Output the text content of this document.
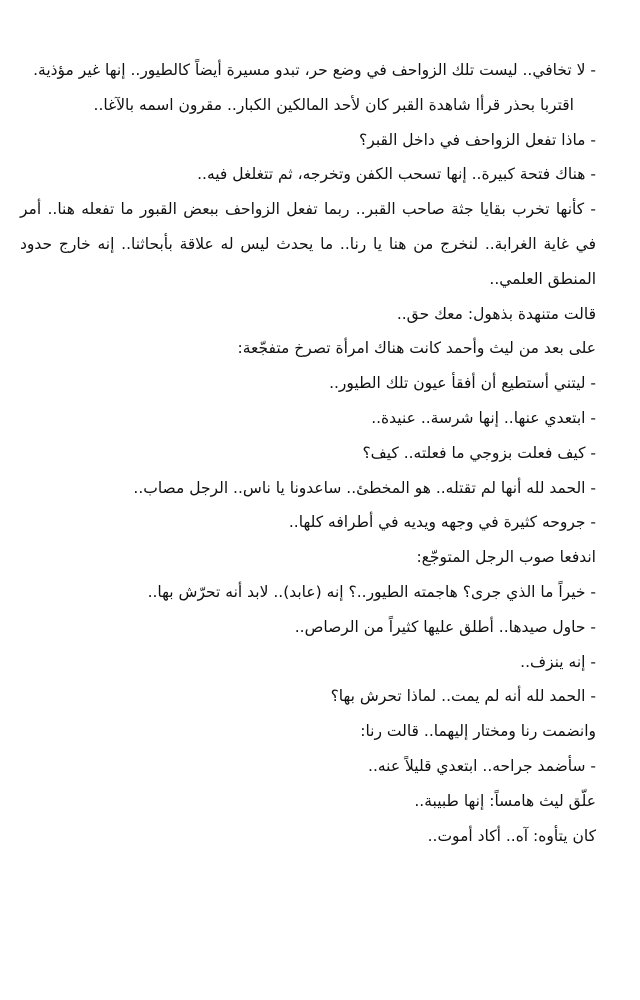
- لا تخافي.. ليست تلك الزواحف في وضع حر، تبدو مسيرة أيضاً كالطيور.. إنها غير مؤذية.

اقتربا بحذر قرأا شاهدة القبر كان لأحد المالكين الكبار.. مقرون اسمه بالآغا..

- ماذا تفعل الزواحف في داخل القبر؟

- هناك فتحة كبيرة.. إنها تسحب الكفن وتخرجه، ثم تتغلغل فيه..

- كأنها تخرب بقايا جثة صاحب القبر.. ربما تفعل الزواحف ببعض القبور ما تفعله هنا.. أمر في غاية الغرابة.. لنخرج من هنا يا رنا.. ما يحدث ليس له علاقة بأبحاثنا.. إنه خارج حدود المنطق العلمي..

قالت متنهدة بذهول: معك حق..

على بعد من ليث وأحمد كانت هناك امرأة تصرخ متفجّعة:

- ليتني أستطيع أن أفقأ عيون تلك الطيور..

- ابتعدي عنها.. إنها شرسة.. عنيدة..

- كيف فعلت بزوجي ما فعلته.. كيف؟

- الحمد لله أنها لم تقتله.. هو المخطئ.. ساعدونا يا ناس.. الرجل مصاب..

- جروحه كثيرة في وجهه ويديه في أطرافه كلها..

اندفعا صوب الرجل المتوجّع:

- خيراً ما الذي جرى؟ هاجمته الطيور..؟ إنه (عابد).. لابد أنه تحرّش بها..

- حاول صيدها.. أطلق عليها كثيراً من الرصاص..

- إنه ينزف..

- الحمد لله أنه لم يمت.. لماذا تحرش بها؟

وانضمت رنا ومختار إليهما.. قالت رنا:

- سأضمد جراحه.. ابتعدي قليلاً عنه..

علّق ليث هامساً: إنها طبيبة..

كان يتأوه: آه.. أكاد أموت..
